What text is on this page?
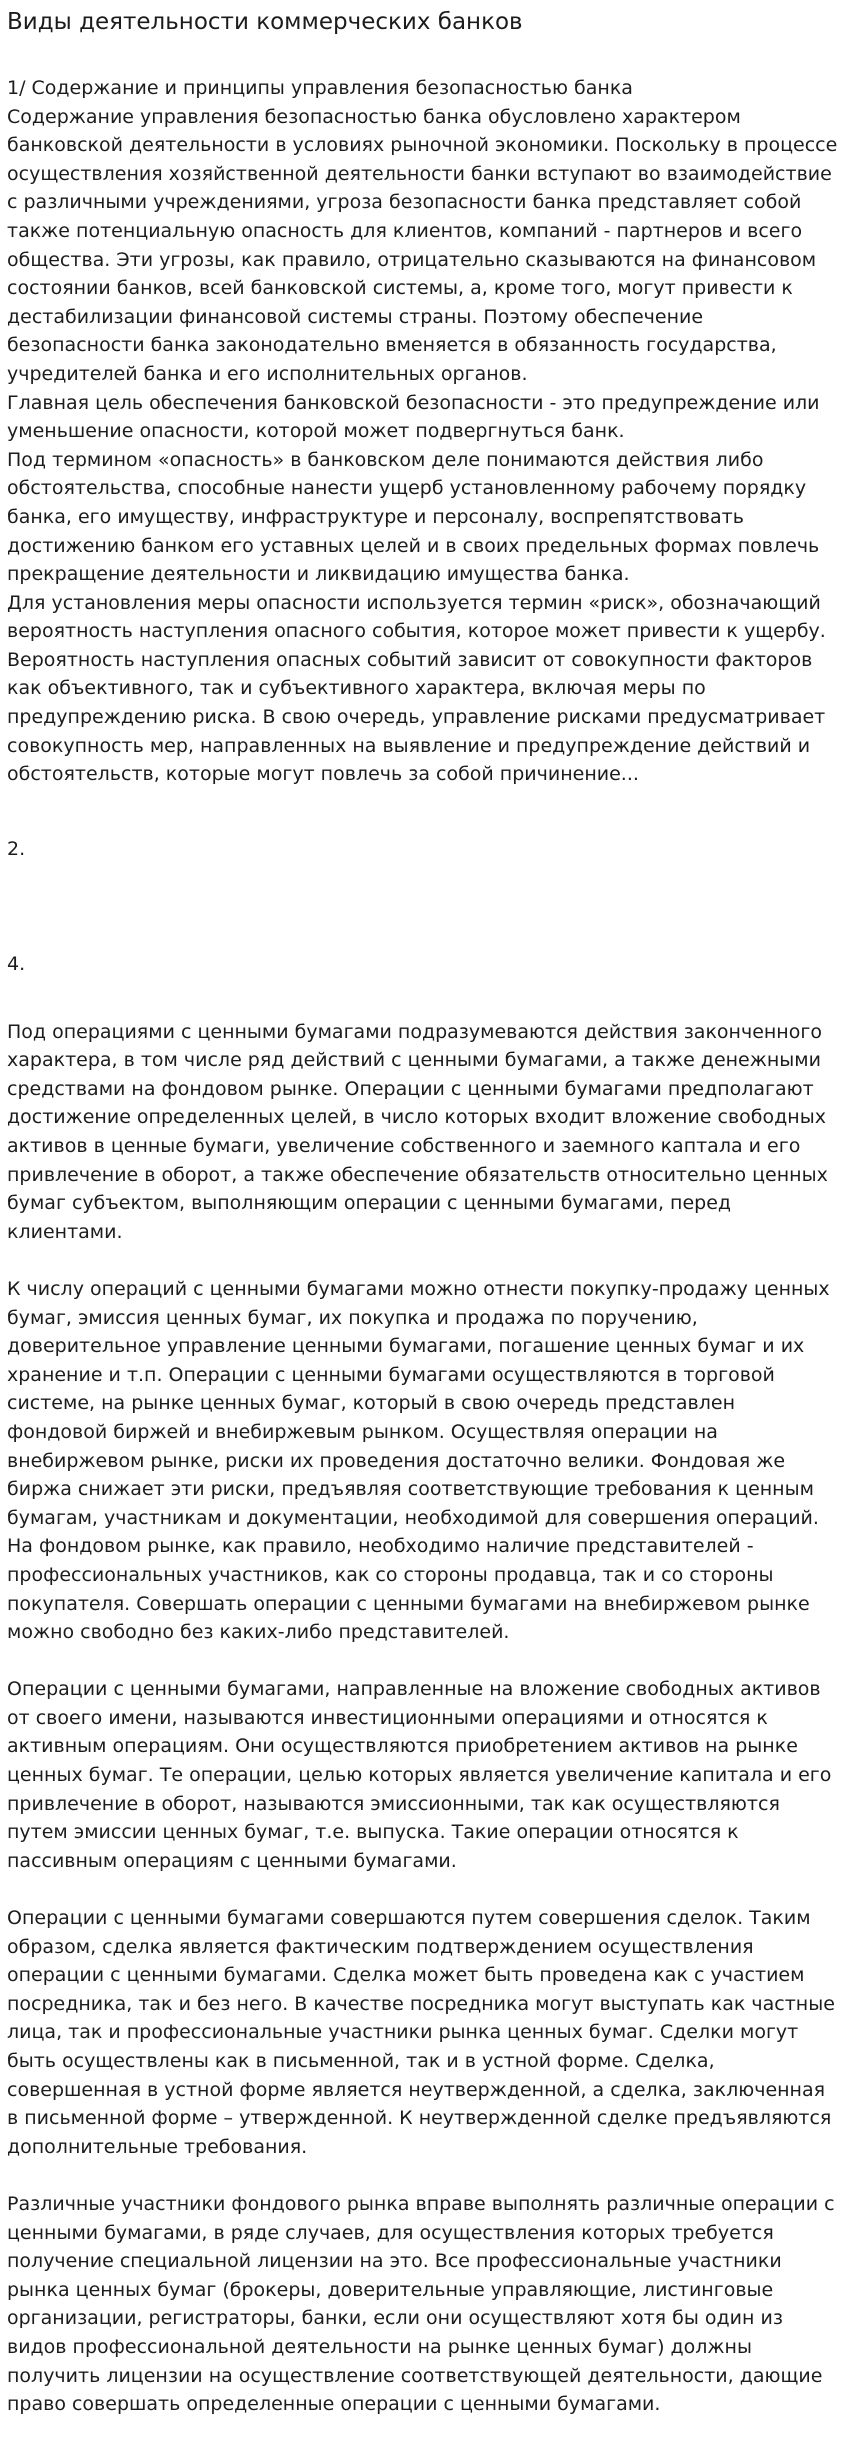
Виды деятельности коммерческих банков

1/ Содержание и принципы управления безопасностью банка

Содержание управления безопасностью банка обусловлено характером банковской деятельности в условиях рыночной экономики. Поскольку в процессе осуществления хозяйственной деятельности банки вступают во взаимодействие с различными учреждениями, угроза безопасности банка представляет собой также потенциальную опасность для клиентов, компаний - партнеров и всего общества. Эти угрозы, как правило, отрицательно сказываются на финансовом состоянии банков, всей банковской системы, а, кроме того, могут привести к дестабилизации финансовой системы страны. Поэтому обеспечение безопасности банка законодательно вменяется в обязанность государства, учредителей банка и его исполнительных органов.

Главная цель обеспечения банковской безопасности - это предупреждение или уменьшение опасности, которой может подвергнуться банк.

Под термином «опасность» в банковском деле понимаются действия либо обстоятельства, способные нанести ущерб установленному рабочему порядку банка, его имуществу, инфраструктуре и персоналу, воспрепятствовать достижению банком его уставных целей и в своих предельных формах повлечь прекращение деятельности и ликвидацию имущества банка.

Для установления меры опасности используется термин «риск», обозначающий вероятность наступления опасного события, которое может привести к ущербу. Вероятность наступления опасных событий зависит от совокупности факторов как объективного, так и субъективного характера, включая меры по предупреждению риска. В свою очередь, управление рисками предусматривает совокупность мер, направленных на выявление и предупреждение действий и обстоятельств, которые могут повлечь за собой причинение...

2.

4.

Под операциями с ценными бумагами подразумеваются действия законченного характера, в том числе ряд действий с ценными бумагами, а также денежными средствами на фондовом рынке. Операции с ценными бумагами предполагают достижение определенных целей, в число которых входит вложение свободных активов в ценные бумаги, увеличение собственного и заемного каптала и его привлечение в оборот, а также обеспечение обязательств относительно ценных бумаг субъектом, выполняющим операции с ценными бумагами, перед клиентами.

К числу операций с ценными бумагами можно отнести покупку-продажу ценных бумаг, эмиссия ценных бумаг, их покупка и продажа по поручению, доверительное управление ценными бумагами, погашение ценных бумаг и их хранение и т.п. Операции с ценными бумагами осуществляются в торговой системе, на рынке ценных бумаг, который в свою очередь представлен фондовой биржей и внебиржевым рынком. Осуществляя операции на внебиржевом рынке, риски их проведения достаточно велики. Фондовая же биржа снижает эти риски, предъявляя соответствующие требования к ценным бумагам, участникам и документации, необходимой для совершения операций. На фондовом рынке, как правило, необходимо наличие представителей - профессиональных участников, как со стороны продавца, так и со стороны покупателя. Совершать операции с ценными бумагами на внебиржевом рынке можно свободно без каких-либо представителей.

Операции с ценными бумагами, направленные на вложение свободных активов от своего имени, называются инвестиционными операциями и относятся к активным операциям. Они осуществляются приобретением активов на рынке ценных бумаг. Те операции, целью которых является увеличение капитала и его привлечение в оборот, называются эмиссионными, так как осуществляются путем эмиссии ценных бумаг, т.е. выпуска. Такие операции относятся к пассивным операциям с ценными бумагами.

Операции с ценными бумагами совершаются путем совершения сделок. Таким образом, сделка является фактическим подтверждением осуществления операции с ценными бумагами. Сделка может быть проведена как с участием посредника, так и без него. В качестве посредника могут выступать как частные лица, так и профессиональные участники рынка ценных бумаг. Сделки могут быть осуществлены как в письменной, так и в устной форме. Сделка, совершенная в устной форме является неутвержденной, а сделка, заключенная в письменной форме – утвержденной. К неутвержденной сделке предъявляются дополнительные требования.

Различные участники фондового рынка вправе выполнять различные операции с ценными бумагами, в ряде случаев, для осуществления которых требуется получение специальной лицензии на это. Все профессиональные участники рынка ценных бумаг (брокеры, доверительные управляющие, листинговые организации, регистраторы, банки, если они осуществляют хотя бы один из видов профессиональной деятельности на рынке ценных бумаг) должны получить лицензии на осуществление соответствующей деятельности, дающие право совершать определенные операции с ценными бумагами.
